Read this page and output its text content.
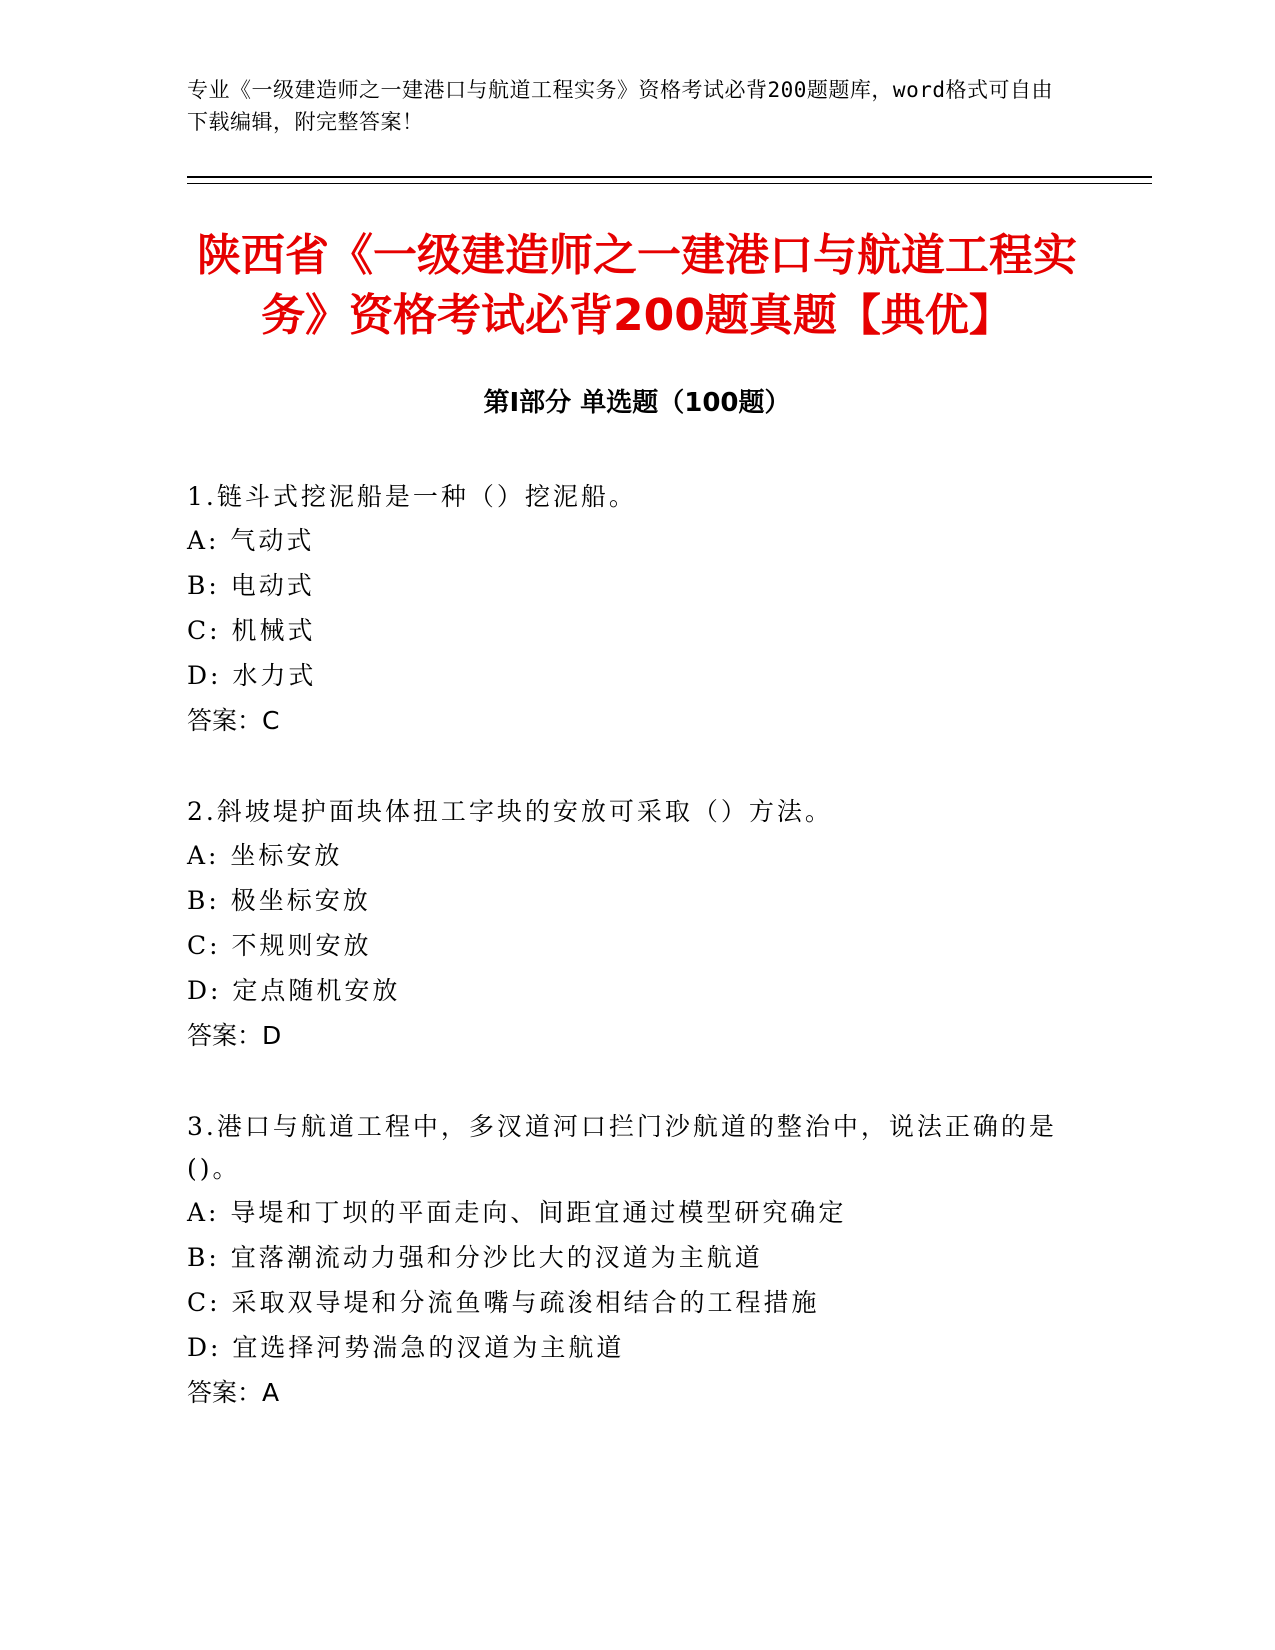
专业《一级建造师之一建港口与航道工程实务》资格考试必背200题题库，word格式可自由下载编辑，附完整答案！
陕西省《一级建造师之一建港口与航道工程实务》资格考试必背200题真题【典优】
第Ⅰ部分 单选题（100题）
1.链斗式挖泥船是一种（）挖泥船。
A: 气动式
B: 电动式
C: 机械式
D: 水力式
答案：C
2.斜坡堤护面块体扭工字块的安放可采取（）方法。
A: 坐标安放
B: 极坐标安放
C: 不规则安放
D: 定点随机安放
答案：D
3.港口与航道工程中，多汊道河口拦门沙航道的整治中，说法正确的是()。
A: 导堤和丁坝的平面走向、间距宜通过模型研究确定
B: 宜落潮流动力强和分沙比大的汊道为主航道
C: 采取双导堤和分流鱼嘴与疏浚相结合的工程措施
D: 宜选择河势湍急的汊道为主航道
答案：A
